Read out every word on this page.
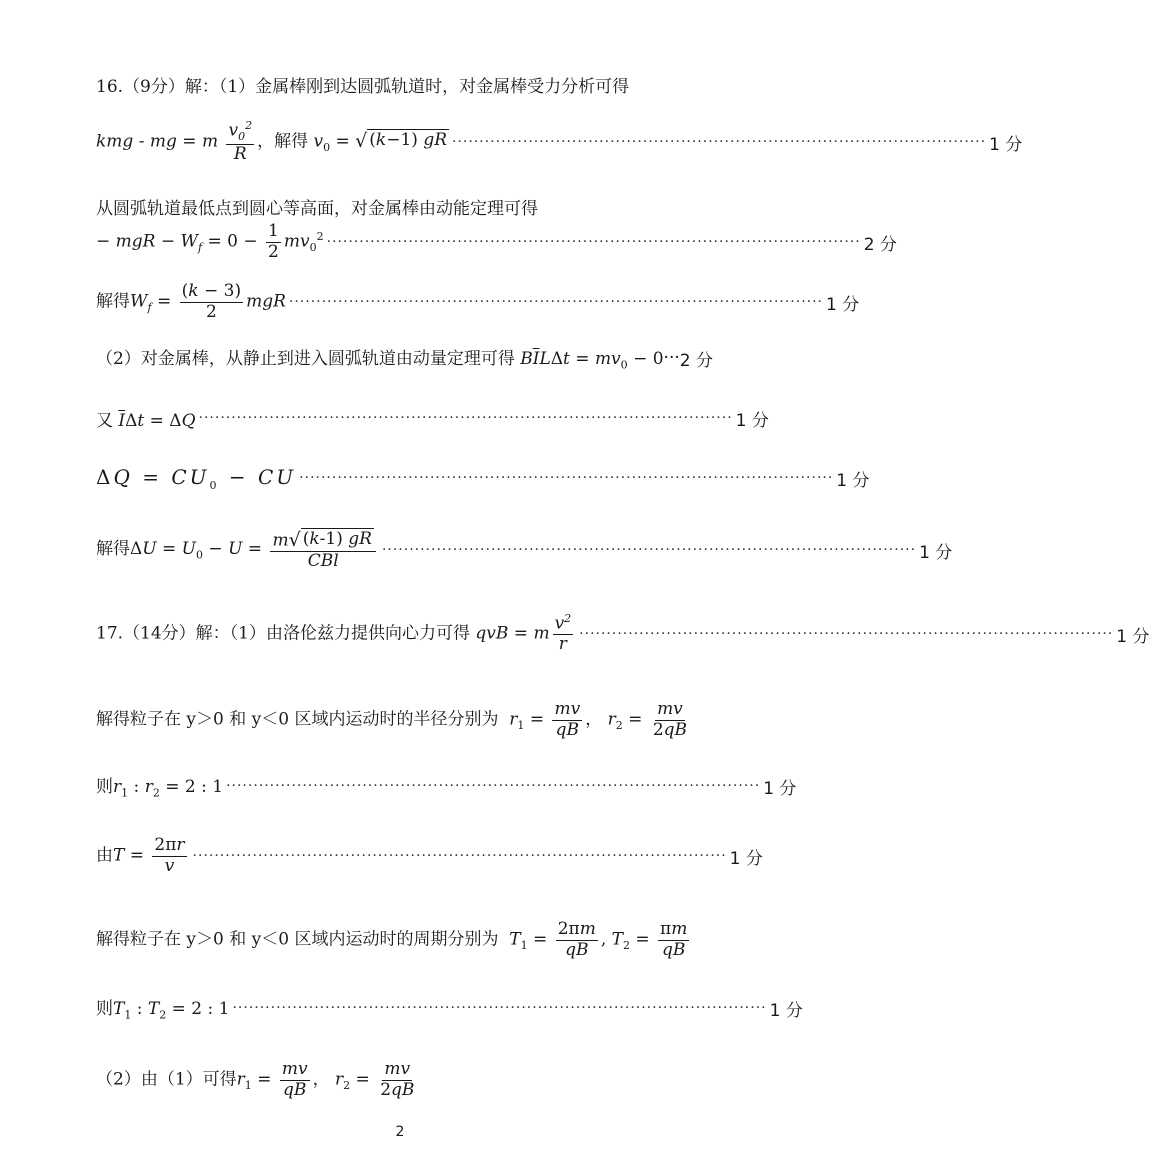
16.（9分）解：（1）金属棒刚到达圆弧轨道时，对金属棒受力分析可得
kmg - mg = m $\frac{v_0^2}{R}$ ，解得 $v_0$ = √ (k−1) gR ·································································································· 1 分
从圆弧轨道最低点到圆心等高面，对金属棒由动能定理可得
− mgR − $W_f = 0 - \frac{1}{2} mv_0^2$ ·································································································· 2 分
解得$W_f = \frac{(k - 3)}{2}$ mgR ·································································································· 1 分
（2）对金属棒，从静止到进入圆弧轨道由动量定理可得 $B\overline{I}L\Delta t = mv_0 - 0$ ··· 2 分
又 $\overline{I}\Delta t = \Delta Q$ ·································································································· 1 分
$\Delta Q = CU_0$ − CU ·································································································· 1 分
解得$\Delta U = U_0 - U = \frac{m √ (k-1) gR}{\text{CBl}}$ ·································································································· 1 分
17.（14分）解：（1）由洛伦兹力提供向心力可得 qvB = m $\frac{v^2}{r}$ ·································································································· 1 分
解得粒子在 y＞0 和 y＜0 区域内运动时的半径分别为 $r_1 = \frac{mv}{qB}$ ， $r_2 = \frac{mv}{2qB}$
则$r_1$ : $r_2 = 2$ : 1 ·································································································· 1 分
由$T = \frac{2\pi r}{v}$ ·································································································· 1 分
解得粒子在 y＞0 和 y＜0 区域内运动时的周期分别为 $T_1 = \frac{2\pi m}{qB}$ , $T_2 = \frac{\pi m}{qB}$
则$T_1$ : $T_2 = 2$ : 1 ·································································································· 1 分
（2）由（1）可得$r_1 = \frac{mv}{qB}$ ， $r_2 = \frac{mv}{2qB}$
2
